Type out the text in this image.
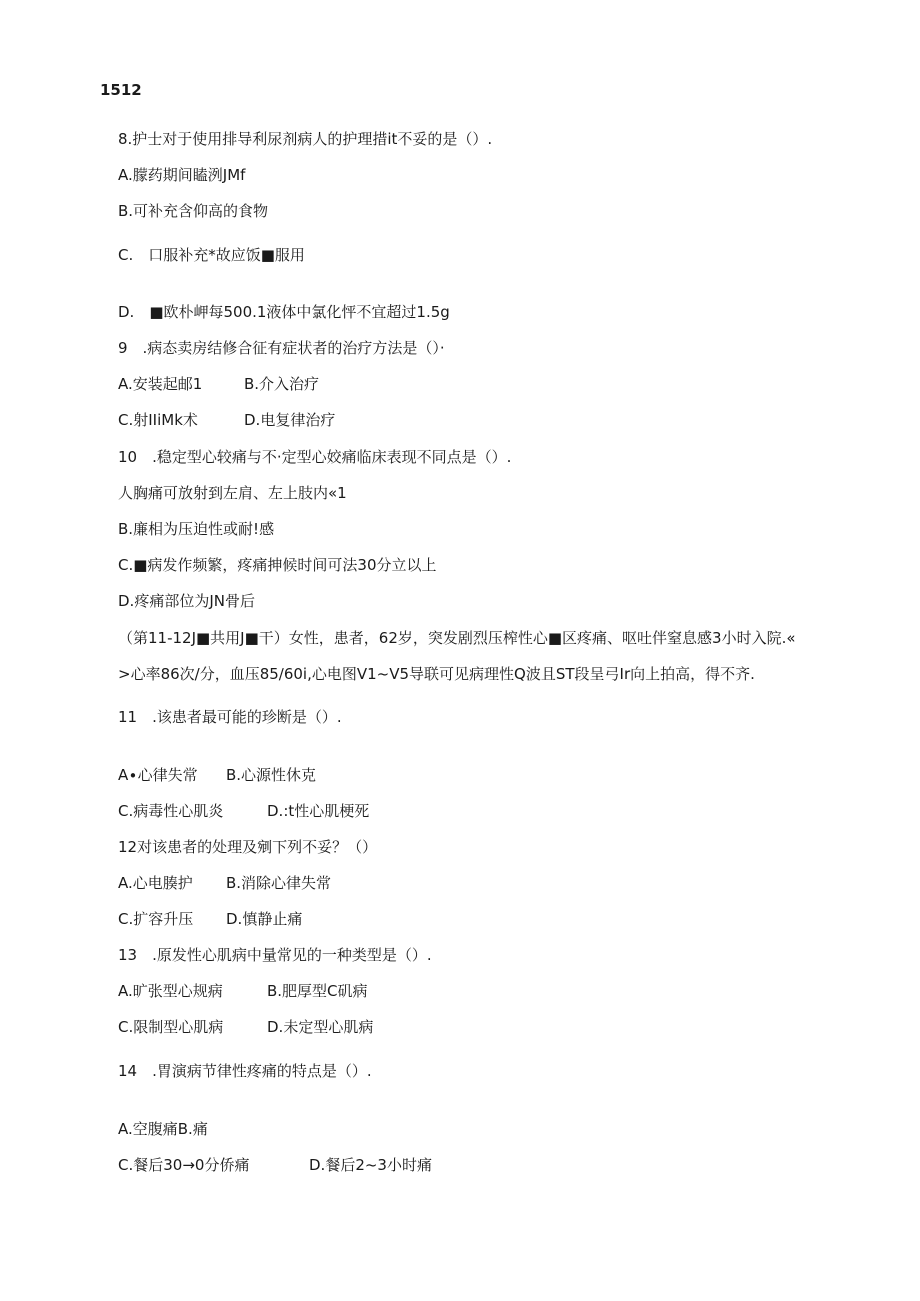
1512
8.护士对于使用排导利尿剂病人的护理措it不妥的是（）.
A.朦药期间瞌洌JMf
B.可补充含仰高的食物
C.　口服补充*故应饭■服用
D.　■欧朴岬每500.1液体中氯化怦不宜超过1.5g
9　.病态卖房结修合征有症状者的治疗方法是（）·
A.安装起邮1	B.介入治疗
C.射IIiMk术	D.电复律治疗
10　.稳定型心较痛与不·定型心姣痛临床表现不同点是（）.
人胸痛可放射到左肩、左上肢内«1
B.廉相为压迫性或耐!感
C.■病发作频繁，疼痛抻候时间可法30分立以上
D.疼痛部位为JN骨后
（第11-12J■共用J■干）女性，患者，62岁，突发剧烈压榨性心■区疼痛、呕吐伴窒息感3小时入院.«
>心率86次/分，血压85∕60i,心电图V1~V5导联可见病理性Q波且ST段呈弓Ir向上拍高，得不齐.
11　.该患者最可能的珍断是（）.
A∙心律失常 B.心源性休克
C.病毒性心肌炎	D.:t性心肌梗死
12对该患者的处理及剜下列不妥？（）
A.心电腠护 B.消除心律失常
C.扩容升压 D.慎静止痛
13　.原发性心肌病中量常见的一种类型是（）.
A.旷张型心规病	B.肥厚型C矶病
C.限制型心肌病	D.未定型心肌病
14　.胃演病节律性疼痛的特点是（）.
A.空腹痛B.痛
C.餐后30→0分侨痛	D.餐后2~3小时痛
